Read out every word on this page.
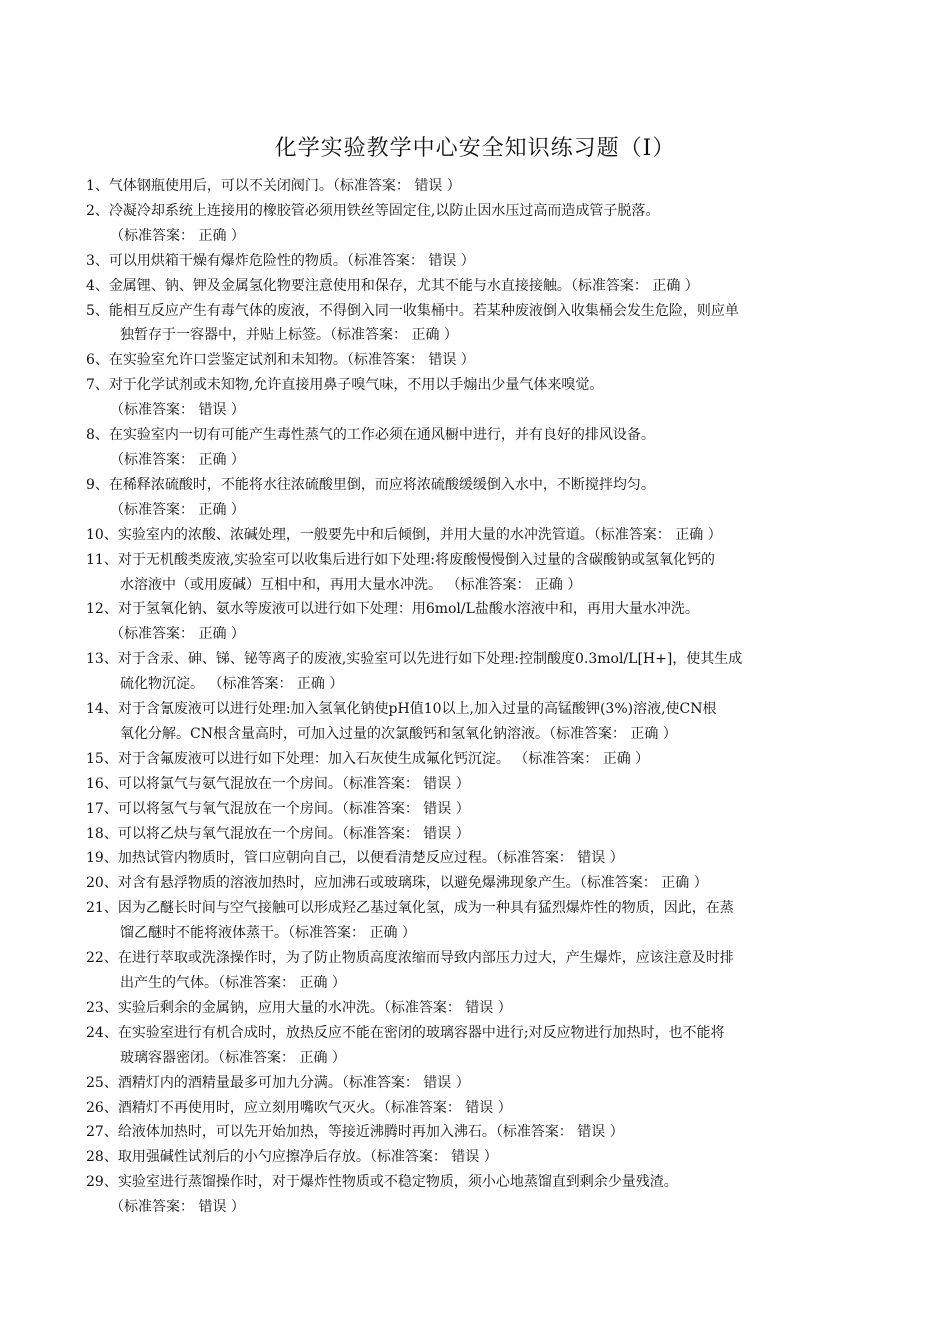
化学实验教学中心安全知识练习题（I）
1、气体钢瓶使用后，可以不关闭阀门。（标准答案： 错误 ）
2、冷凝冷却系统上连接用的橡胶管必须用铁丝等固定住,以防止因水压过高而造成管子脱落。
（标准答案： 正确 ）
3、可以用烘箱干燥有爆炸危险性的物质。（标准答案： 错误 ）
4、金属锂、钠、钾及金属氢化物要注意使用和保存，尤其不能与水直接接触。（标准答案： 正确 ）
5、能相互反应产生有毒气体的废液，不得倒入同一收集桶中。若某种废液倒入收集桶会发生危险，则应单
独暂存于一容器中，并贴上标签。（标准答案： 正确 ）
6、在实验室允许口尝鉴定试剂和未知物。（标准答案： 错误 ）
7、对于化学试剂或未知物,允许直接用鼻子嗅气味，不用以手煽出少量气体来嗅觉。
（标准答案： 错误 ）
8、在实验室内一切有可能产生毒性蒸气的工作必须在通风橱中进行，并有良好的排风设备。
（标准答案： 正确 ）
9、在稀释浓硫酸时，不能将水往浓硫酸里倒，而应将浓硫酸缓缓倒入水中，不断搅拌均匀。
（标准答案： 正确 ）
10、实验室内的浓酸、浓碱处理，一般要先中和后倾倒，并用大量的水冲洗管道。（标准答案： 正确 ）
11、对于无机酸类废液,实验室可以收集后进行如下处理:将废酸慢慢倒入过量的含碳酸钠或氢氧化钙的
水溶液中（或用废碱）互相中和，再用大量水冲洗。 （标准答案： 正确 ）
12、对于氢氧化钠、氨水等废液可以进行如下处理：用6mol/L盐酸水溶液中和，再用大量水冲洗。
（标准答案： 正确 ）
13、对于含汞、砷、锑、铋等离子的废液,实验室可以先进行如下处理:控制酸度0.3mol/L[H+]，使其生成
硫化物沉淀。 （标准答案： 正确 ）
14、对于含氰废液可以进行处理:加入氢氧化钠使pH值10以上,加入过量的高锰酸钾(3%)溶液,使CN根
氧化分解。CN根含量高时，可加入过量的次氯酸钙和氢氧化钠溶液。（标准答案： 正确 ）
15、对于含氟废液可以进行如下处理：加入石灰使生成氟化钙沉淀。 （标准答案： 正确 ）
16、可以将氯气与氨气混放在一个房间。（标准答案： 错误 ）
17、可以将氢气与氧气混放在一个房间。（标准答案： 错误 ）
18、可以将乙炔与氧气混放在一个房间。（标准答案： 错误 ）
19、加热试管内物质时，管口应朝向自己，以便看清楚反应过程。（标准答案： 错误 ）
20、对含有悬浮物质的溶液加热时，应加沸石或玻璃珠，以避免爆沸现象产生。（标准答案： 正确 ）
21、因为乙醚长时间与空气接触可以形成羟乙基过氧化氢，成为一种具有猛烈爆炸性的物质，因此，在蒸
馏乙醚时不能将液体蒸干。（标准答案： 正确 ）
22、在进行萃取或洗涤操作时，为了防止物质高度浓缩而导致内部压力过大，产生爆炸，应该注意及时排
出产生的气体。（标准答案： 正确 ）
23、实验后剩余的金属钠，应用大量的水冲洗。（标准答案： 错误 ）
24、在实验室进行有机合成时，放热反应不能在密闭的玻璃容器中进行;对反应物进行加热时，也不能将
玻璃容器密闭。（标准答案： 正确 ）
25、酒精灯内的酒精量最多可加九分满。（标准答案： 错误 ）
26、酒精灯不再使用时，应立刻用嘴吹气灭火。（标准答案： 错误 ）
27、给液体加热时，可以先开始加热，等接近沸腾时再加入沸石。（标准答案： 错误 ）
28、取用强碱性试剂后的小勺应擦净后存放。（标准答案： 错误 ）
29、实验室进行蒸馏操作时，对于爆炸性物质或不稳定物质，须小心地蒸馏直到剩余少量残渣。
（标准答案： 错误 ）
